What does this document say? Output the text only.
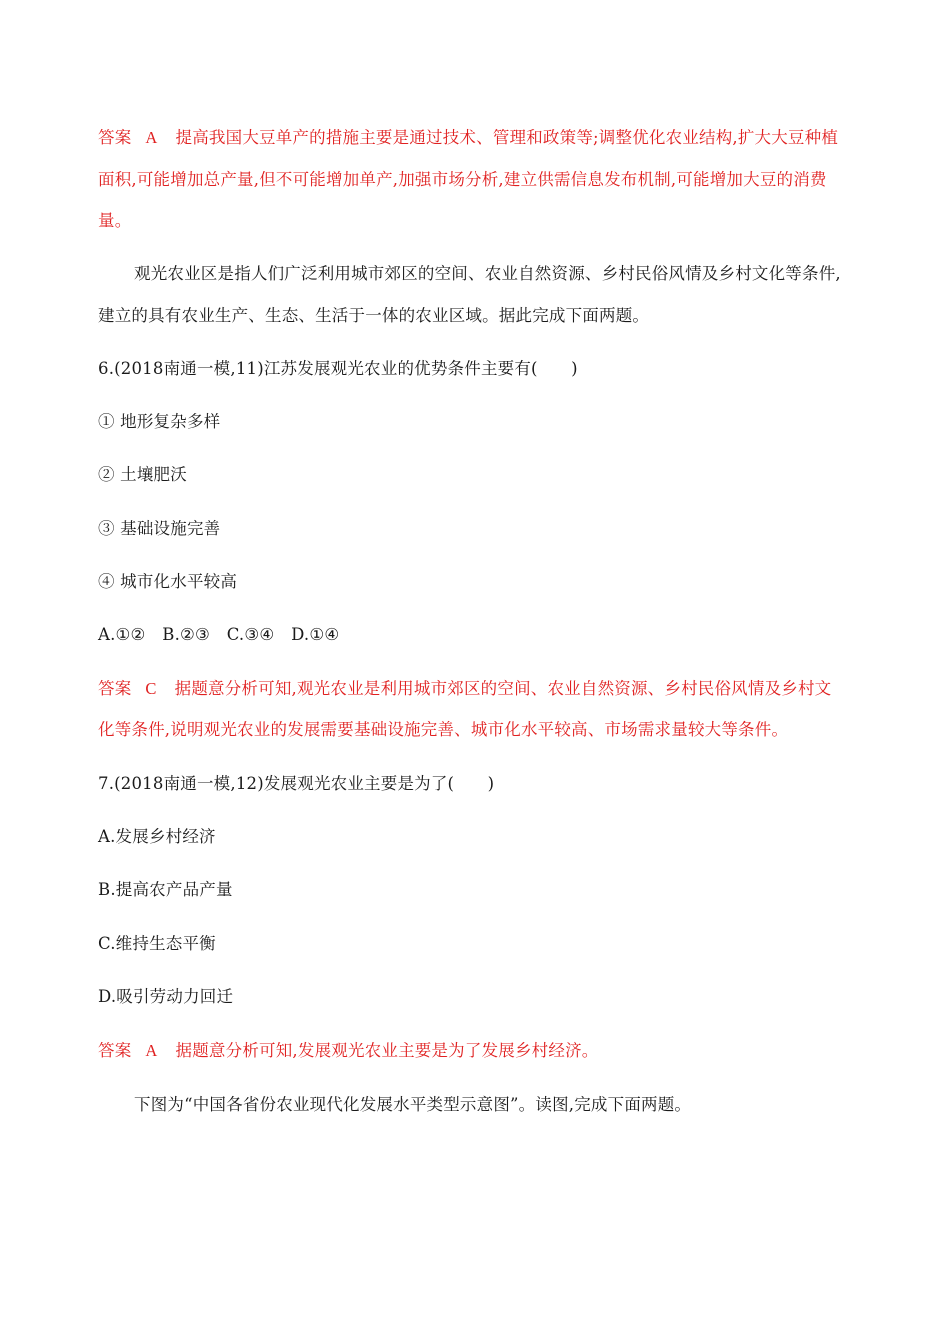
答案 A 提高我国大豆单产的措施主要是通过技术、管理和政策等;调整优化农业结构,扩大大豆种植
面积,可能增加总产量,但不可能增加单产,加强市场分析,建立供需信息发布机制,可能增加大豆的消费
量。
观光农业区是指人们广泛利用城市郊区的空间、农业自然资源、乡村民俗风情及乡村文化等条件,
建立的具有农业生产、生态、生活于一体的农业区域。据此完成下面两题。
6.(2018南通一模,11)江苏发展观光农业的优势条件主要有(　　)
① 地形复杂多样
② 土壤肥沃
③ 基础设施完善
④ 城市化水平较高
A.①②　B.②③　C.③④　D.①④
答案 C 据题意分析可知,观光农业是利用城市郊区的空间、农业自然资源、乡村民俗风情及乡村文
化等条件,说明观光农业的发展需要基础设施完善、城市化水平较高、市场需求量较大等条件。
7.(2018南通一模,12)发展观光农业主要是为了(　　)
A.发展乡村经济
B.提高农产品产量
C.维持生态平衡
D.吸引劳动力回迁
答案 A 据题意分析可知,发展观光农业主要是为了发展乡村经济。
下图为“中国各省份农业现代化发展水平类型示意图”。读图,完成下面两题。
